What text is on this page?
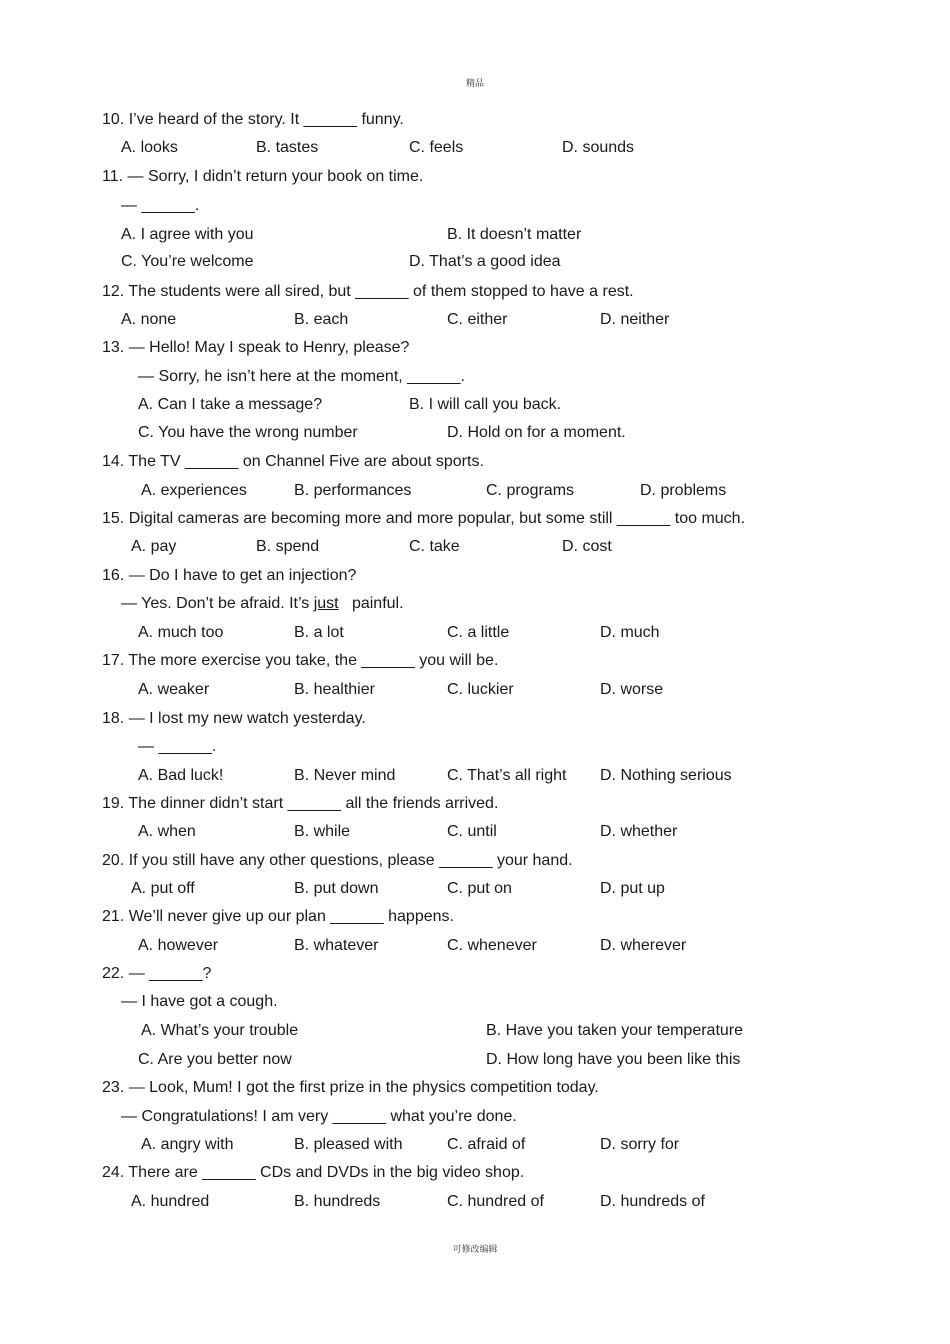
精品
10. I’ve heard of the story. It ______ funny.
A. looks	B. tastes	C. feels	D. sounds
11. — Sorry, I didn’t return your book on time.
— ______.
A. I agree with you	B. It doesn’t matter
C. You’re welcome	D. That’s a good idea
12. The students were all sired, but ______ of them stopped to have a rest.
A. none	B. each	C. either	D. neither
13. — Hello! May I speak to Henry, please?
— Sorry, he isn’t here at the moment, ______.
A. Can I take a message?	B. I will call you back.
C. You have the wrong number	D. Hold on for a moment.
14. The TV ______ on Channel Five are about sports.
A. experiences	B. performances	C. programs	D. problems
15. Digital cameras are becoming more and more popular, but some still ______ too much.
A. pay	B. spend	C. take	D. cost
16. — Do I have to get an injection?
— Yes. Don’t be afraid. It’s just   painful.
A. much too	B. a lot	C. a little	D. much
17. The more exercise you take, the ______ you will be.
A. weaker	B. healthier	C. luckier	D. worse
18. — I lost my new watch yesterday.
— ______.
A. Bad luck!	B. Never mind	C. That’s all right D. Nothing serious
19. The dinner didn’t start ______ all the friends arrived.
A. when	B. while	C. until	D. whether
20. If you still have any other questions, please ______ your hand.
A. put off	B. put down	C. put on	D. put up
21. We’ll never give up our plan ______ happens.
A. however	B. whatever	C. whenever	D. wherever
22. — ______?
— I have got a cough.
A. What’s your trouble	B. Have you taken your temperature
C. Are you better now	D. How long have you been like this
23. — Look, Mum! I got the first prize in the physics competition today.
— Congratulations! I am very ______ what you’re done.
A. angry with	B. pleased with	C. afraid of	D. sorry for
24. There are ______ CDs and DVDs in the big video shop.
A. hundred	B. hundreds	C. hundred of	D. hundreds of
可修改编辑
